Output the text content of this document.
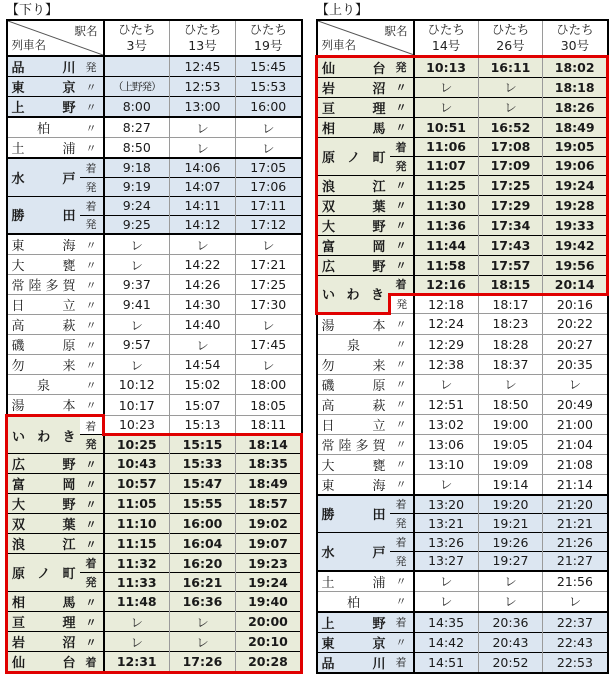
【下り】
駅名
列車名

ひたち
3号

ひたち
13号

ひたち
19号

品 川	発		12:45	15:45

東 京	〃	（上野発）	12:53	15:53

上 野	〃	8:00	13:00	16:00

柏	〃	8:27	レ	レ

土 浦	〃	8:50	レ	レ

水 戸	着	9:18	14:06	17:05
	発	9:19	14:07	17:06

勝 田	着	9:24	14:11	17:11
	発	9:25	14:12	17:12

東 海	〃	レ	レ	レ

大 甕	〃	レ	14:22	17:21

常 陸 多 賀	〃	9:37	14:26	17:25

日 立	〃	9:41	14:30	17:30

高 萩	〃	レ	14:40	レ

磯 原	〃	9:57	レ	17:45

勿 来	〃	レ	14:54	レ

泉	〃	10:12	15:02	18:00

湯 本	〃	10:17	15:07	18:05

い わ き	着	10:23	15:13	18:11
	発	10:25	15:15	18:14

広 野	〃	10:43	15:33	18:35

富 岡	〃	10:57	15:47	18:49

大 野	〃	11:05	15:55	18:57

双 葉	〃	11:10	16:00	19:02

浪 江	〃	11:15	16:04	19:07

原 ノ 町	着	11:32	16:20	19:23
	発	11:33	16:21	19:24

相 馬	〃	11:48	16:36	19:40

亘 理	〃	レ	レ	20:00

岩 沼	〃	レ	レ	20:10

仙 台	着	12:31	17:26	20:28
【上り】
駅名
列車名

ひたち
14号

ひたち
26号

ひたち
30号

仙 台	発	10:13	16:11	18:02

岩 沼	〃	レ	レ	18:18

亘 理	〃	レ	レ	18:26

相 馬	〃	10:51	16:52	18:49

原 ノ 町	着	11:06	17:08	19:05
	発	11:07	17:09	19:06

浪 江	〃	11:25	17:25	19:24

双 葉	〃	11:30	17:29	19:28

大 野	〃	11:36	17:34	19:33

富 岡	〃	11:44	17:43	19:42

広 野	〃	11:58	17:57	19:56

い わ き	着	12:16	18:15	20:14
	発	12:18	18:17	20:16

湯 本	〃	12:24	18:23	20:22

泉	〃	12:29	18:28	20:27

勿 来	〃	12:38	18:37	20:35

磯 原	〃	レ	レ	レ

高 萩	〃	12:51	18:50	20:49

日 立	〃	13:02	19:00	21:00

常 陸 多 賀	〃	13:06	19:05	21:04

大 甕	〃	13:10	19:09	21:08

東 海	〃	レ	19:14	21:14

勝 田	着	13:20	19:20	21:20
	発	13:21	19:21	21:21

水 戸	着	13:26	19:26	21:26
	発	13:27	19:27	21:27

土 浦	〃	レ	レ	21:56

柏	〃	レ	レ	レ

上 野	着	14:35	20:36	22:37

東 京	〃	14:42	20:43	22:43

品 川	着	14:51	20:52	22:53
